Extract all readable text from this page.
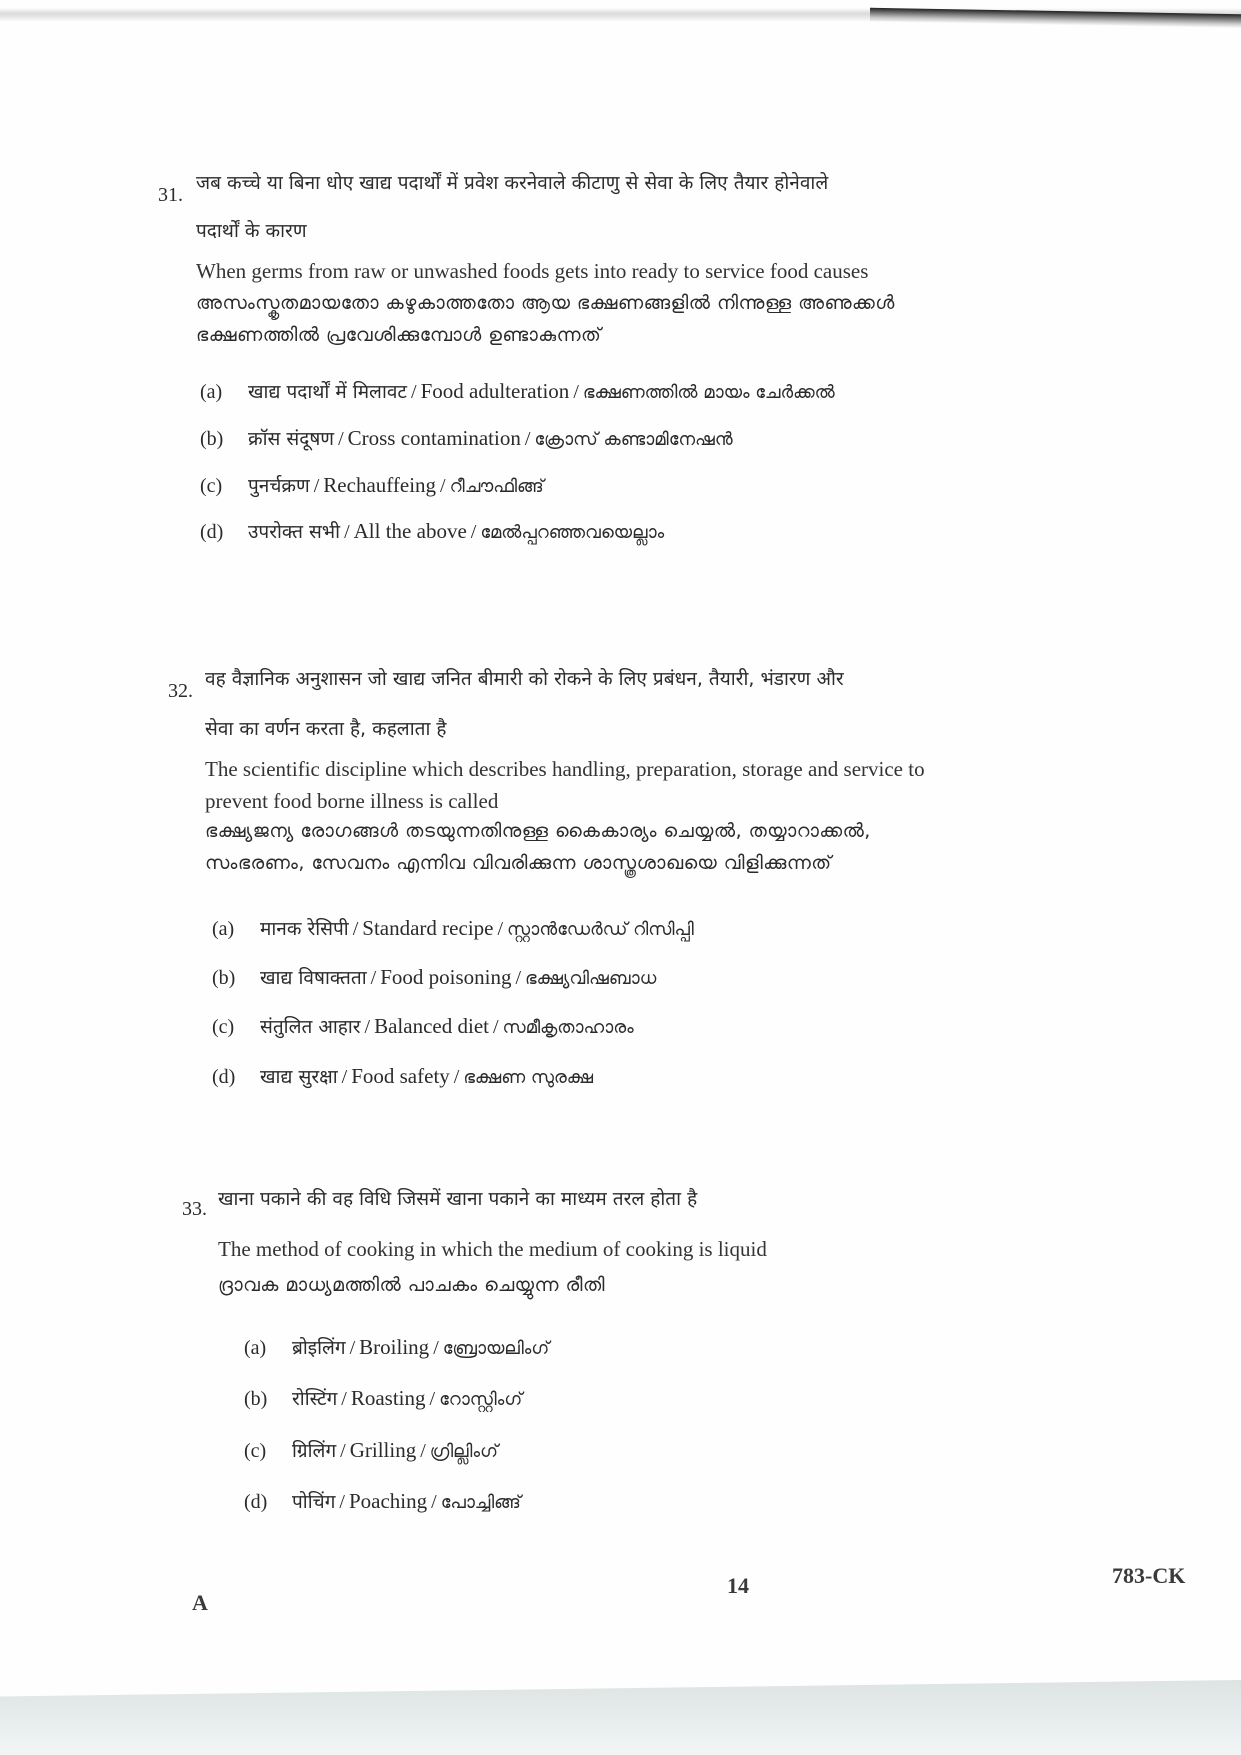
31.
जब कच्चे या बिना धोए खाद्य पदार्थों में प्रवेश करनेवाले कीटाणु से सेवा के लिए तैयार होनेवाले
पदार्थों के कारण
When germs from raw or unwashed foods gets into ready to service food causes
അസംസ്കൃതമായതോ കഴുകാത്തതോ ആയ ഭക്ഷണങ്ങളിൽ നിന്നുള്ള അണുക്കൾ
ഭക്ഷണത്തിൽ പ്രവേശിക്കുമ്പോൾ ഉണ്ടാകുന്നത്
(a) खाद्य पदार्थों में मिलावट / Food adulteration / ഭക്ഷണത്തിൽ മായം ചേർക്കൽ
(b) क्रॉस संदूषण / Cross contamination / ക്രോസ് കണ്ടാമിനേഷൻ
(c) पुनर्चक्रण / Rechauffeing / റീചൗഫിങ്ങ്
(d) उपरोक्त सभी / All the above / മേൽപ്പറഞ്ഞവയെല്ലാം
32.
वह वैज्ञानिक अनुशासन जो खाद्य जनित बीमारी को रोकने के लिए प्रबंधन, तैयारी, भंडारण और
सेवा का वर्णन करता है, कहलाता है
The scientific discipline which describes handling, preparation, storage and service to
prevent food borne illness is called
ഭക്ഷ്യജന്യ രോഗങ്ങൾ തടയുന്നതിനുള്ള കൈകാര്യം ചെയ്യൽ, തയ്യാറാക്കൽ,
സംഭരണം, സേവനം എന്നിവ വിവരിക്കുന്ന ശാസ്ത്രശാഖയെ വിളിക്കുന്നത്
(a) मानक रेसिपी / Standard recipe / സ്റ്റാൻഡേർഡ് റിസിപ്പി
(b) खाद्य विषाक्तता / Food poisoning / ഭക്ഷ്യവിഷബാധ
(c) संतुलित आहार / Balanced diet / സമീകൃതാഹാരം
(d) खाद्य सुरक्षा / Food safety / ഭക്ഷണ സുരക്ഷ
33. खाना पकाने की वह विधि जिसमें खाना पकाने का माध्यम तरल होता है
The method of cooking in which the medium of cooking is liquid
ദ്രാവക മാധ്യമത്തിൽ പാചകം ചെയ്യുന്ന രീതി
(a) ब्रोइलिंग / Broiling / ബ്രോയലിംഗ്
(b) रोस्टिंग / Roasting / റോസ്റ്റിംഗ്
(c) ग्रिलिंग / Grilling / ഗ്രില്ലിംഗ്
(d) पोचिंग / Poaching / പോച്ചിങ്ങ്
A
14	783-CK
